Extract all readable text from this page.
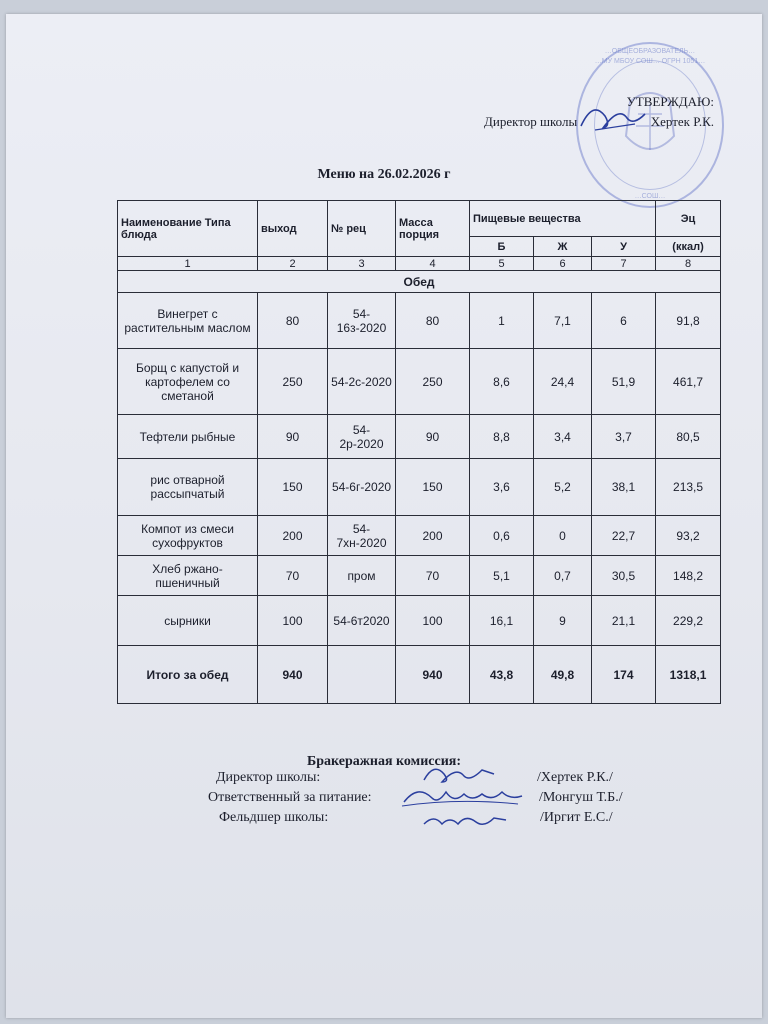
…ОБЩЕОБРАЗОВАТЕЛЬ…
…МУ МБОУ СОШ… ОГРН 1051…
…СОШ…
УТВЕРЖДАЮ:
Директор школы	Хертек Р.К.
Меню на 26.02.2026 г
Наименование Типа блюда	выход	№ рец	Масса порция	Пищевые вещества			Эц
				Б	Ж	У	(ккал)
1	2	3	4	5	6	7	8
Обед							
Винегрет с растительным маслом	80	54-16з-2020	80	1	7,1	6	91,8
Борщ с капустой и картофелем со сметаной	250	54-2с-2020	250	8,6	24,4	51,9	461,7
Тефтели рыбные	90	54-2р-2020	90	8,8	3,4	3,7	80,5
рис отварной рассыпчатый	150	54-6г-2020	150	3,6	5,2	38,1	213,5
Компот из смеси сухофруктов	200	54-7хн-2020	200	0,6	0	22,7	93,2
Хлеб ржано-пшеничный	70	пром	70	5,1	0,7	30,5	148,2
сырники	100	54-6т2020	100	16,1	9	21,1	229,2
Итого за обед	940		940	43,8	49,8	174	1318,1
Бракеражная комиссия:
Директор школы:	/Хертек Р.К./
Ответственный за питание:	/Монгуш Т.Б./
Фельдшер школы:	/Иргит Е.С./
